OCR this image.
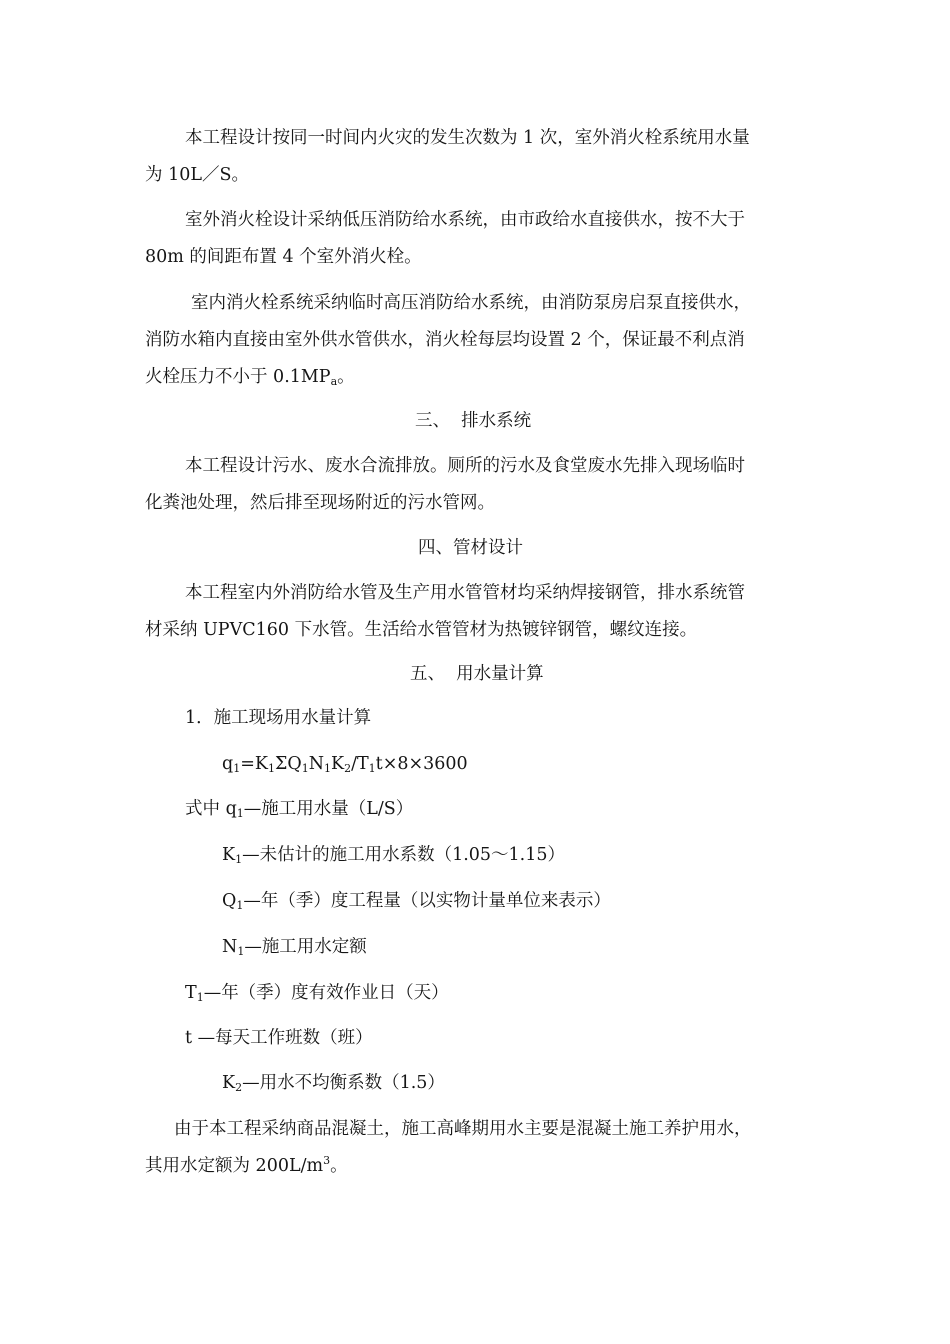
本工程设计按同一时间内火灾的发生次数为 1 次，室外消火栓系统用水量
为 10L／S。
室外消火栓设计采纳低压消防给水系统，由市政给水直接供水，按不大于
80m 的间距布置 4 个室外消火栓。
室内消火栓系统采纳临时高压消防给水系统，由消防泵房启泵直接供水，
消防水箱内直接由室外供水管供水，消火栓每层均设置 2 个，保证最不利点消
火栓压力不小于 $0.1MP_a$。
三、  排水系统
本工程设计污水、废水合流排放。厕所的污水及食堂废水先排入现场临时
化粪池处理，然后排至现场附近的污水管网。
四、管材设计
本工程室内外消防给水管及生产用水管管材均采纳焊接钢管，排水系统管
材采纳 UPVC160 下水管。生活给水管管材为热镀锌钢管，螺纹连接。
五、  用水量计算
1．施工现场用水量计算
$q_1=K_1\Sigma Q_1N_1K_2/T_1t\times 8\times 3600$
式中 $q_1—$施工用水量（L/S）
$K_1—$未估计的施工用水系数（1.05～1.15）
$Q_1—$年（季）度工程量（以实物计量单位来表示）
$N_1—$施工用水定额
$T_1—$年（季）度有效作业日（天）
t —每天工作班数（班）
$K_2—$用水不均衡系数（1.5）
由于本工程采纳商品混凝土，施工高峰期用水主要是混凝土施工养护用水，
其用水定额为 $200L/m^3$。
